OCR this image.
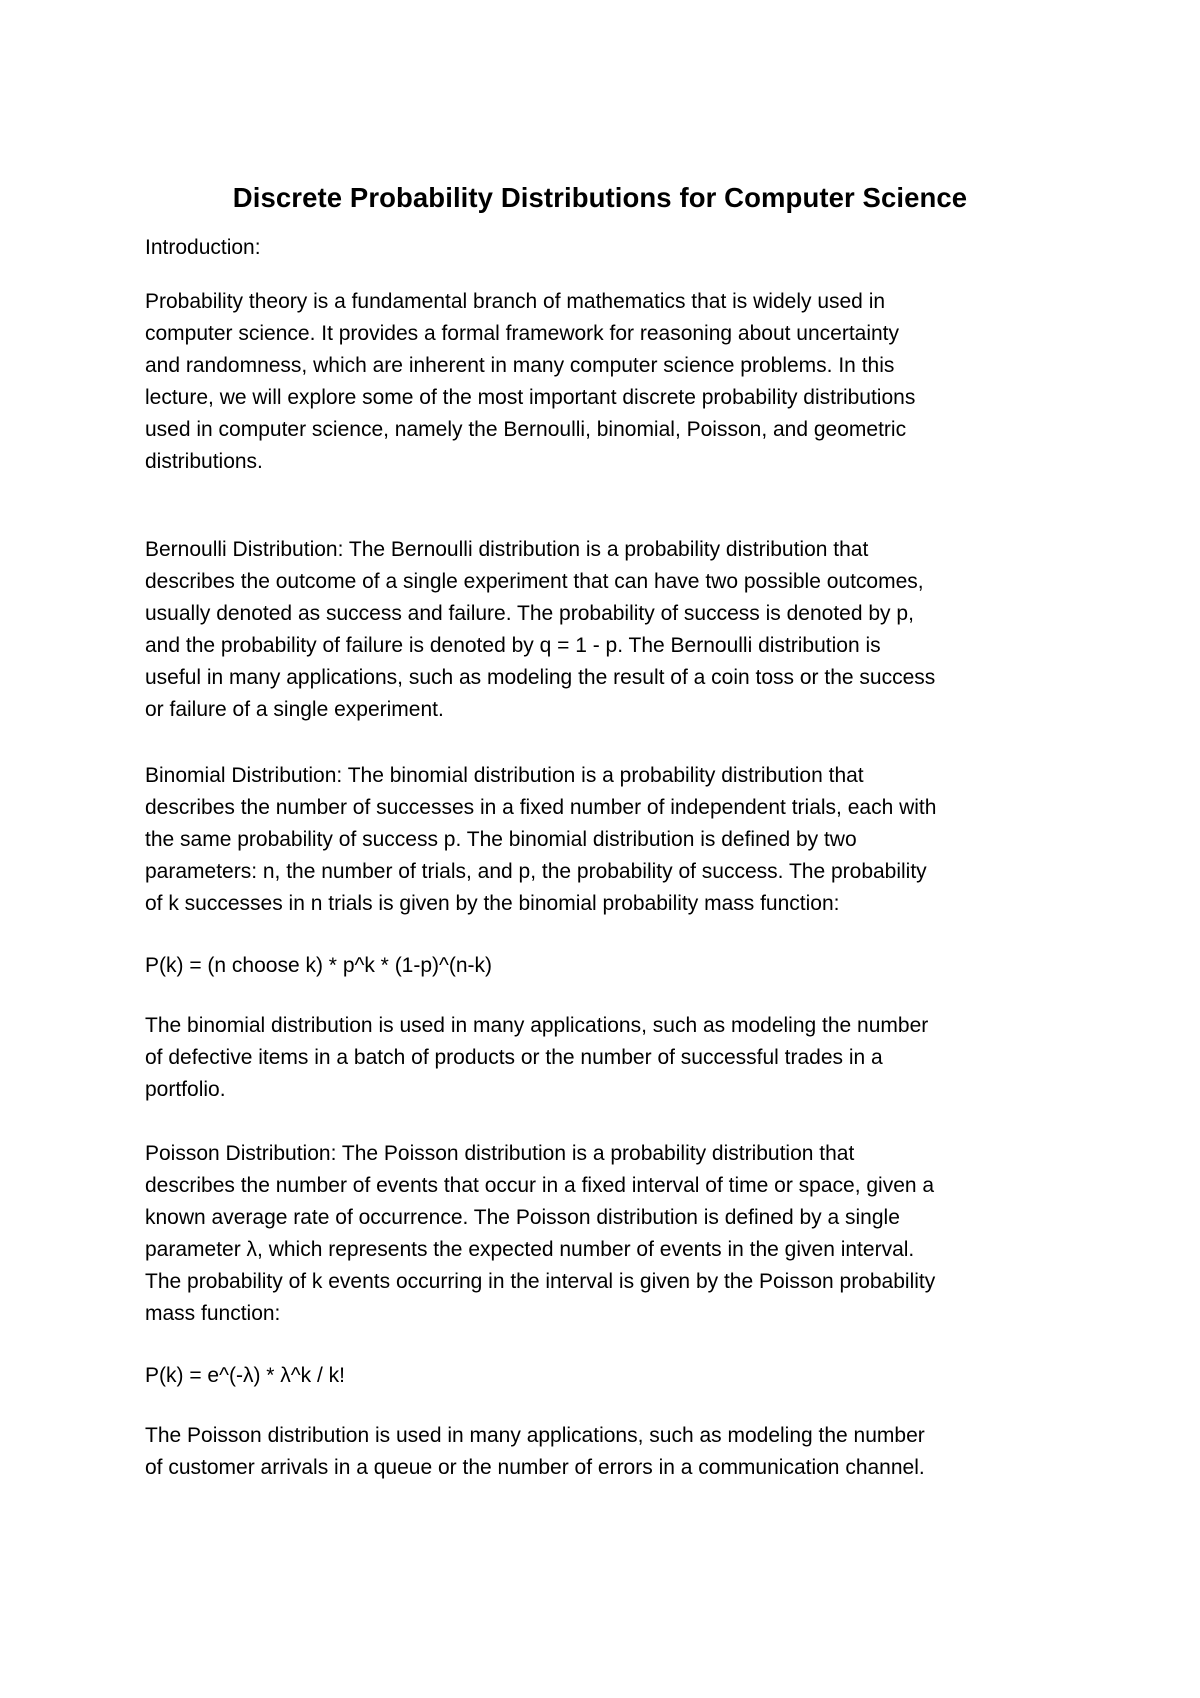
Discrete Probability Distributions for Computer Science
Introduction:
Probability theory is a fundamental branch of mathematics that is widely used in
computer science. It provides a formal framework for reasoning about uncertainty
and randomness, which are inherent in many computer science problems. In this
lecture, we will explore some of the most important discrete probability distributions
used in computer science, namely the Bernoulli, binomial, Poisson, and geometric
distributions.
Bernoulli Distribution: The Bernoulli distribution is a probability distribution that
describes the outcome of a single experiment that can have two possible outcomes,
usually denoted as success and failure. The probability of success is denoted by p,
and the probability of failure is denoted by q = 1 - p. The Bernoulli distribution is
useful in many applications, such as modeling the result of a coin toss or the success
or failure of a single experiment.
Binomial Distribution: The binomial distribution is a probability distribution that
describes the number of successes in a fixed number of independent trials, each with
the same probability of success p. The binomial distribution is defined by two
parameters: n, the number of trials, and p, the probability of success. The probability
of k successes in n trials is given by the binomial probability mass function:
P(k) = (n choose k) * p^k * (1-p)^(n-k)
The binomial distribution is used in many applications, such as modeling the number
of defective items in a batch of products or the number of successful trades in a
portfolio.
Poisson Distribution: The Poisson distribution is a probability distribution that
describes the number of events that occur in a fixed interval of time or space, given a
known average rate of occurrence. The Poisson distribution is defined by a single
parameter λ, which represents the expected number of events in the given interval.
The probability of k events occurring in the interval is given by the Poisson probability
mass function:
P(k) = e^(-λ) * λ^k / k!
The Poisson distribution is used in many applications, such as modeling the number
of customer arrivals in a queue or the number of errors in a communication channel.
